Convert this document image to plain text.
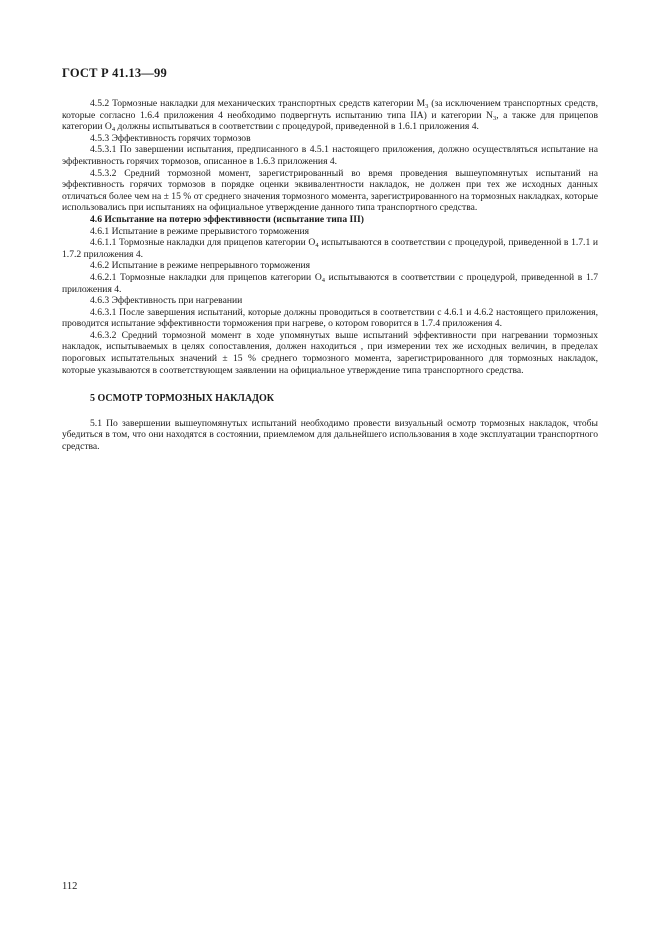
ГОСТ Р 41.13—99

4.5.2 Тормозные накладки для механических транспортных средств категории $М_3$ (за исключением транспортных средств, которые согласно 1.6.4 приложения 4 необходимо подвергнуть испытанию типа IIA) и категории $N_3$, а также для прицепов категории $O_4$ должны испытываться в соответствии с процедурой, приведенной в 1.6.1 приложения 4.

4.5.3 Эффективность горячих тормозов

4.5.3.1 По завершении испытания, предписанного в 4.5.1 настоящего приложения, должно осуществляться испытание на эффективность горячих тормозов, описанное в 1.6.3 приложения 4.

4.5.3.2 Средний тормозной момент, зарегистрированный во время проведения вышеупомянутых испытаний на эффективность горячих тормозов в порядке оценки эквивалентности накладок, не должен при тех же исходных данных отличаться более чем на ± 15 % от среднего значения тормозного момента, зарегистрированного на тормозных накладках, которые использовались при испытаниях на официальное утверждение данного типа транспортного средства.

4.6 Испытание на потерю эффективности (испытание типа III)

4.6.1 Испытание в режиме прерывистого торможения

4.6.1.1 Тормозные накладки для прицепов категории $O_4$ испытываются в соответствии с процедурой, приведенной в 1.7.1 и 1.7.2 приложения 4.

4.6.2 Испытание в режиме непрерывного торможения

4.6.2.1 Тормозные накладки для прицепов категории $O_4$ испытываются в соответствии с процедурой, приведенной в 1.7 приложения 4.

4.6.3 Эффективность при нагревании

4.6.3.1 После завершения испытаний, которые должны проводиться в соответствии с 4.6.1 и 4.6.2 настоящего приложения, проводится испытание эффективности торможения при нагреве, о котором говорится в 1.7.4 приложения 4.

4.6.3.2 Средний тормозной момент в ходе упомянутых выше испытаний эффективности при нагревании тормозных накладок, испытываемых в целях сопоставления, должен находиться , при измерении тех же исходных величин, в пределах пороговых испытательных значений ± 15 % среднего тормозного момента, зарегистрированного для тормозных накладок, которые указываются в соответствующем заявлении на официальное утверждение типа транспортного средства.

5 ОСМОТР ТОРМОЗНЫХ НАКЛАДОК

5.1 По завершении вышеупомянутых испытаний необходимо провести визуальный осмотр тормозных накладок, чтобы убедиться в том, что они находятся в состоянии, приемлемом для дальнейшего использования в ходе эксплуатации транспортного средства.

112
